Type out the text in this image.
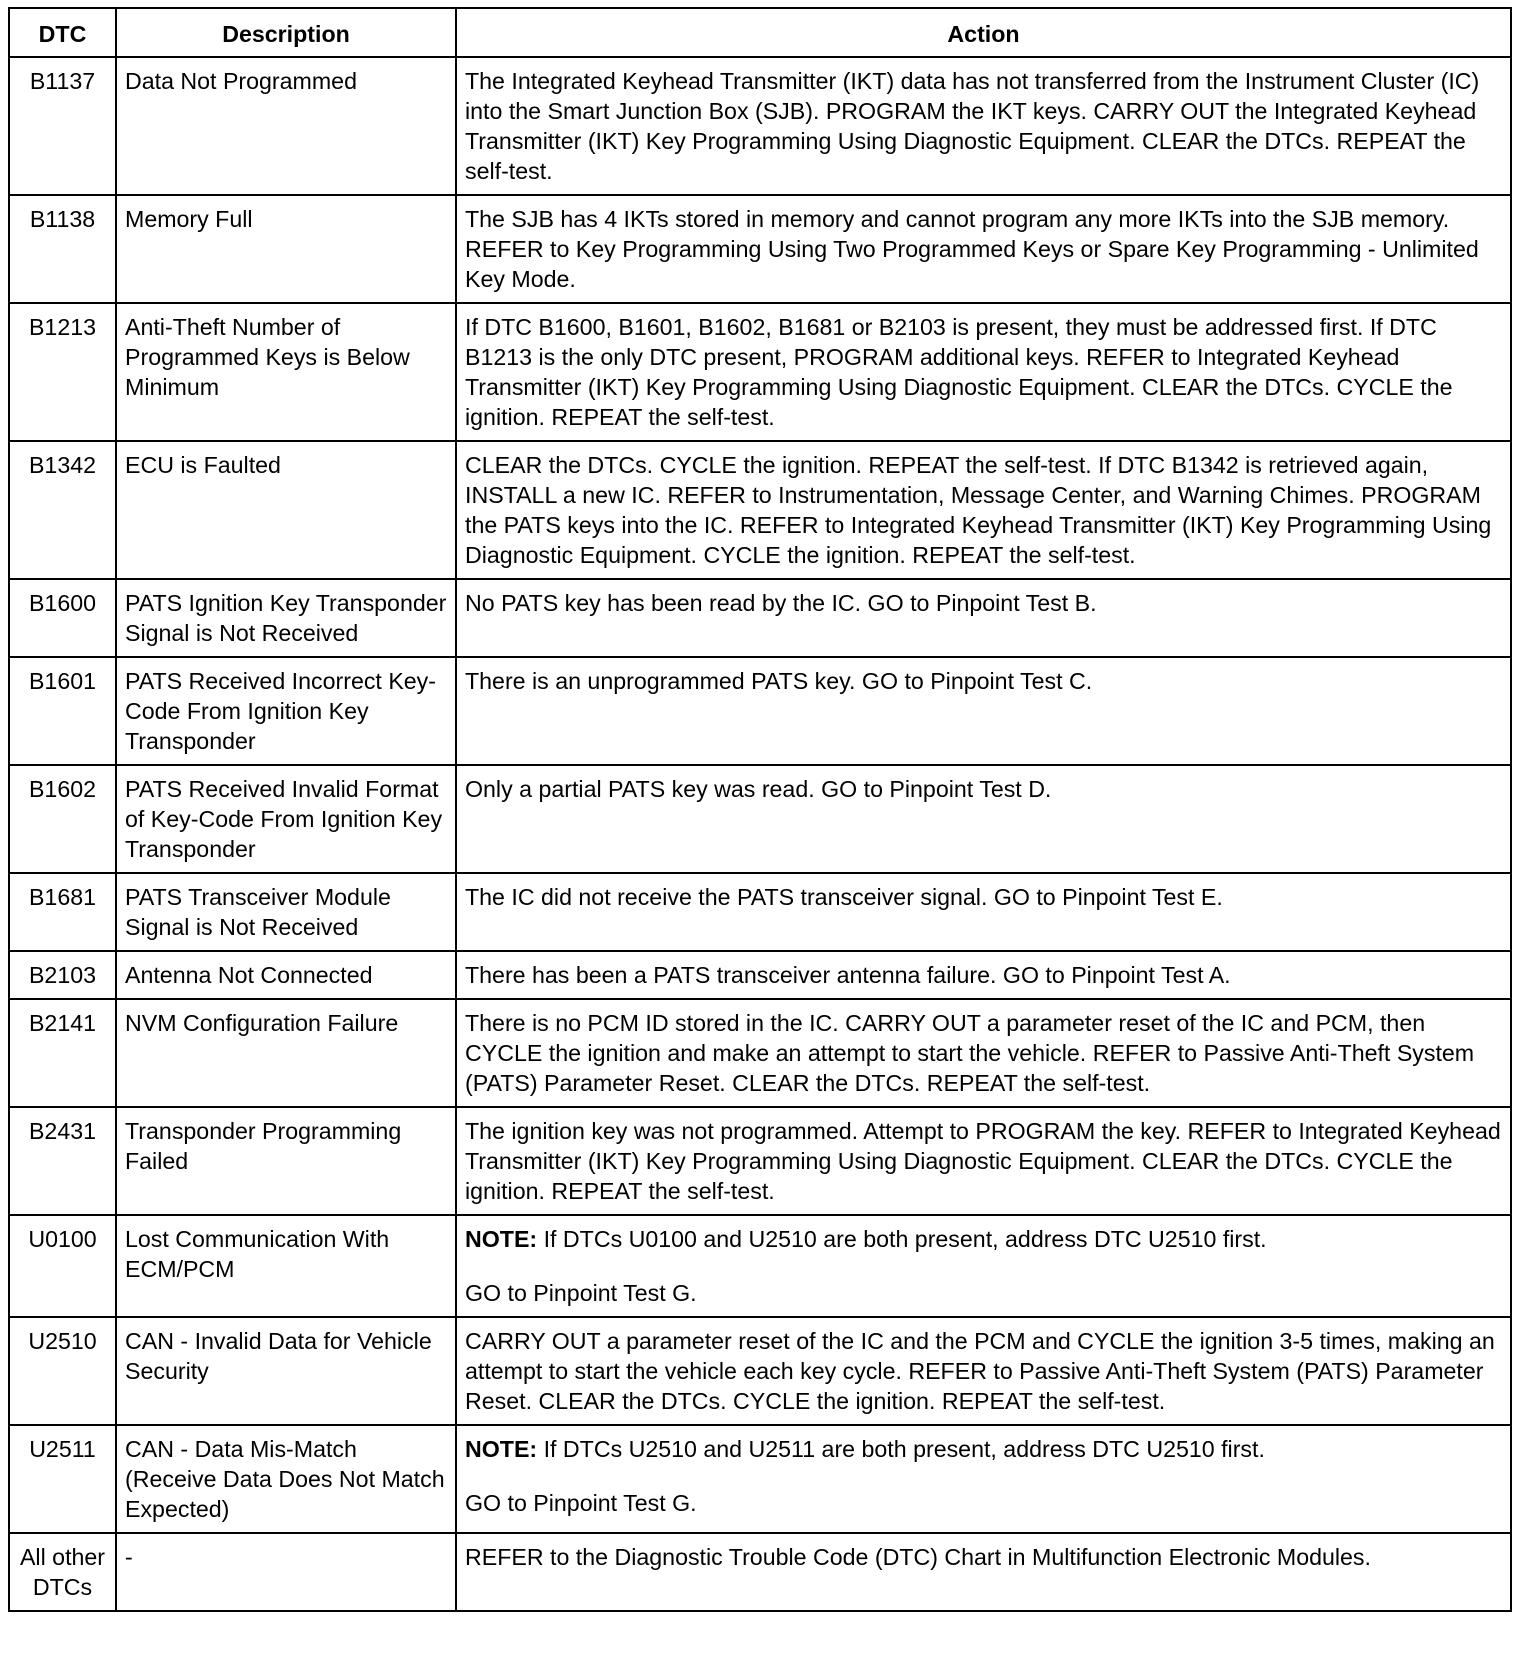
DTC	Description	Action
B1137	Data Not Programmed	The Integrated Keyhead Transmitter (IKT) data has not transferred from the Instrument Cluster (IC) into the Smart Junction Box (SJB). PROGRAM the IKT keys. CARRY OUT the Integrated Keyhead Transmitter (IKT) Key Programming Using Diagnostic Equipment. CLEAR the DTCs. REPEAT the self-test.
B1138	Memory Full	The SJB has 4 IKTs stored in memory and cannot program any more IKTs into the SJB memory. REFER to Key Programming Using Two Programmed Keys or Spare Key Programming - Unlimited Key Mode.
B1213	Anti-Theft Number of Programmed Keys is Below Minimum	If DTC B1600, B1601, B1602, B1681 or B2103 is present, they must be addressed first. If DTC B1213 is the only DTC present, PROGRAM additional keys. REFER to Integrated Keyhead Transmitter (IKT) Key Programming Using Diagnostic Equipment. CLEAR the DTCs. CYCLE the ignition. REPEAT the self-test.
B1342	ECU is Faulted	CLEAR the DTCs. CYCLE the ignition. REPEAT the self-test. If DTC B1342 is retrieved again, INSTALL a new IC. REFER to Instrumentation, Message Center, and Warning Chimes. PROGRAM the PATS keys into the IC. REFER to Integrated Keyhead Transmitter (IKT) Key Programming Using Diagnostic Equipment. CYCLE the ignition. REPEAT the self-test.
B1600	PATS Ignition Key Transponder Signal is Not Received	No PATS key has been read by the IC. GO to Pinpoint Test B.
B1601	PATS Received Incorrect Key-Code From Ignition Key Transponder	There is an unprogrammed PATS key. GO to Pinpoint Test C.
B1602	PATS Received Invalid Format of Key-Code From Ignition Key Transponder	Only a partial PATS key was read. GO to Pinpoint Test D.
B1681	PATS Transceiver Module Signal is Not Received	The IC did not receive the PATS transceiver signal. GO to Pinpoint Test E.
B2103	Antenna Not Connected	There has been a PATS transceiver antenna failure. GO to Pinpoint Test A.
B2141	NVM Configuration Failure	There is no PCM ID stored in the IC. CARRY OUT a parameter reset of the IC and PCM, then CYCLE the ignition and make an attempt to start the vehicle. REFER to Passive Anti-Theft System (PATS) Parameter Reset. CLEAR the DTCs. REPEAT the self-test.
B2431	Transponder Programming Failed	The ignition key was not programmed. Attempt to PROGRAM the key. REFER to Integrated Keyhead Transmitter (IKT) Key Programming Using Diagnostic Equipment. CLEAR the DTCs. CYCLE the ignition. REPEAT the self-test.
U0100	Lost Communication With ECM/PCM	NOTE: If DTCs U0100 and U2510 are both present, address DTC U2510 first.
GO to Pinpoint Test G.

U2510	CAN - Invalid Data for Vehicle Security	CARRY OUT a parameter reset of the IC and the PCM and CYCLE the ignition 3-5 times, making an attempt to start the vehicle each key cycle. REFER to Passive Anti-Theft System (PATS) Parameter Reset. CLEAR the DTCs. CYCLE the ignition. REPEAT the self-test.
U2511	CAN - Data Mis-Match (Receive Data Does Not Match Expected)	NOTE: If DTCs U2510 and U2511 are both present, address DTC U2510 first.
GO to Pinpoint Test G.

All other DTCs	-	REFER to the Diagnostic Trouble Code (DTC) Chart in Multifunction Electronic Modules.
